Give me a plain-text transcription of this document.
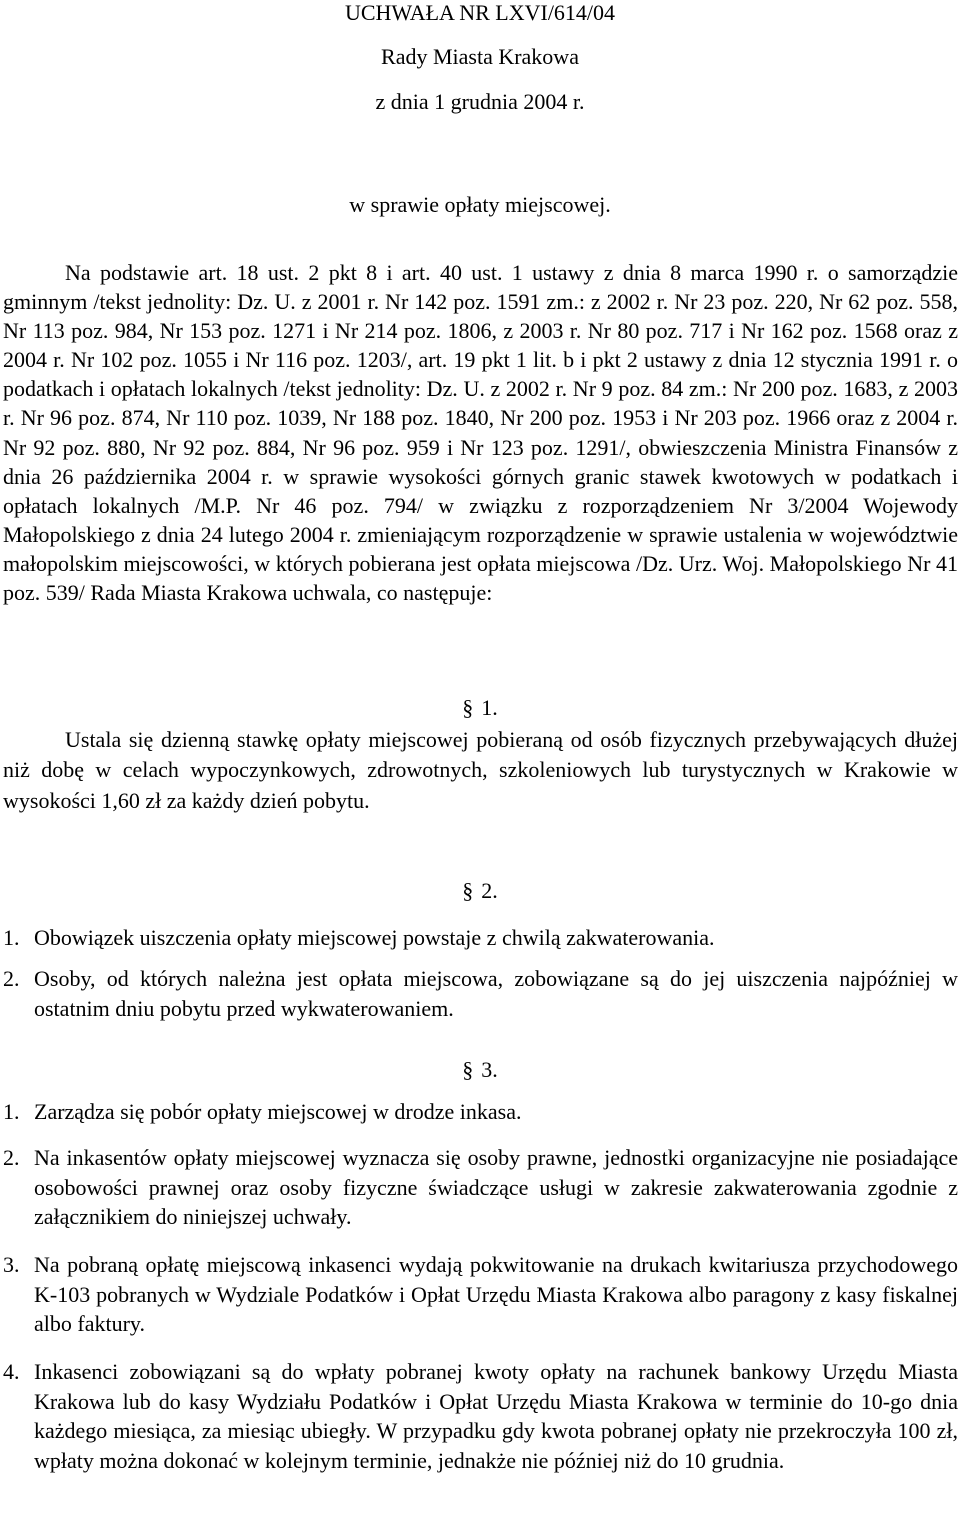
UCHWAŁA NR LXVI/614/04
Rady Miasta Krakowa
z dnia 1 grudnia 2004 r.
w sprawie opłaty miejscowej.

Na podstawie art. 18 ust. 2 pkt 8 i art. 40 ust. 1 ustawy z dnia 8 marca 1990 r. o samorządzie gminnym /tekst jednolity: Dz. U. z 2001 r. Nr 142 poz. 1591 zm.: z 2002 r. Nr 23 poz. 220, Nr 62 poz. 558, Nr 113 poz. 984, Nr 153 poz. 1271 i Nr 214 poz. 1806, z 2003 r. Nr 80 poz. 717 i Nr 162 poz. 1568 oraz z 2004 r. Nr 102 poz. 1055 i Nr 116 poz. 1203/, art. 19 pkt 1 lit. b i pkt 2 ustawy z dnia 12 stycznia 1991 r. o podatkach i opłatach lokalnych /tekst jednolity: Dz. U. z 2002 r. Nr 9 poz. 84 zm.: Nr 200 poz. 1683, z 2003 r. Nr 96 poz. 874, Nr 110 poz. 1039, Nr 188 poz. 1840, Nr 200 poz. 1953 i Nr 203 poz. 1966 oraz z 2004 r. Nr 92 poz. 880, Nr 92 poz. 884, Nr 96 poz. 959 i Nr 123 poz. 1291/, obwieszczenia Ministra Finansów z dnia 26 października 2004 r. w sprawie wysokości górnych granic stawek kwotowych w podatkach i opłatach lokalnych /M.P. Nr 46 poz. 794/ w związku z rozporządzeniem Nr 3/2004 Wojewody Małopolskiego z dnia 24 lutego 2004 r. zmieniającym rozporządzenie w sprawie ustalenia w województwie małopolskim miejscowości, w których pobierana jest opłata miejscowa /Dz. Urz. Woj. Małopolskiego Nr 41 poz. 539/ Rada Miasta Krakowa uchwala, co następuje:

§ 1.

Ustala się dzienną stawkę opłaty miejscowej pobieraną od osób fizycznych przebywających dłużej niż dobę w celach wypoczynkowych, zdrowotnych, szkoleniowych lub turystycznych w Krakowie w wysokości 1,60 zł za każdy dzień pobytu.

§ 2.

1. Obowiązek uiszczenia opłaty miejscowej powstaje z chwilą zakwaterowania.

2. Osoby, od których należna jest opłata miejscowa, zobowiązane są do jej uiszczenia najpóźniej w ostatnim dniu pobytu przed wykwaterowaniem.

§ 3.

1. Zarządza się pobór opłaty miejscowej w drodze inkasa.

2. Na inkasentów opłaty miejscowej wyznacza się osoby prawne, jednostki organizacyjne nie posiadające osobowości prawnej oraz osoby fizyczne świadczące usługi w zakresie zakwaterowania zgodnie z załącznikiem do niniejszej uchwały.

3. Na pobraną opłatę miejscową inkasenci wydają pokwitowanie na drukach kwitariusza przychodowego K-103 pobranych w Wydziale Podatków i Opłat Urzędu Miasta Krakowa albo paragony z kasy fiskalnej albo faktury.

4. Inkasenci zobowiązani są do wpłaty pobranej kwoty opłaty na rachunek bankowy Urzędu Miasta Krakowa lub do kasy Wydziału Podatków i Opłat Urzędu Miasta Krakowa w terminie do 10-go dnia każdego miesiąca, za miesiąc ubiegły. W przypadku gdy kwota pobranej opłaty nie przekroczyła 100 zł, wpłaty można dokonać w kolejnym terminie, jednakże nie później niż do 10 grudnia.
